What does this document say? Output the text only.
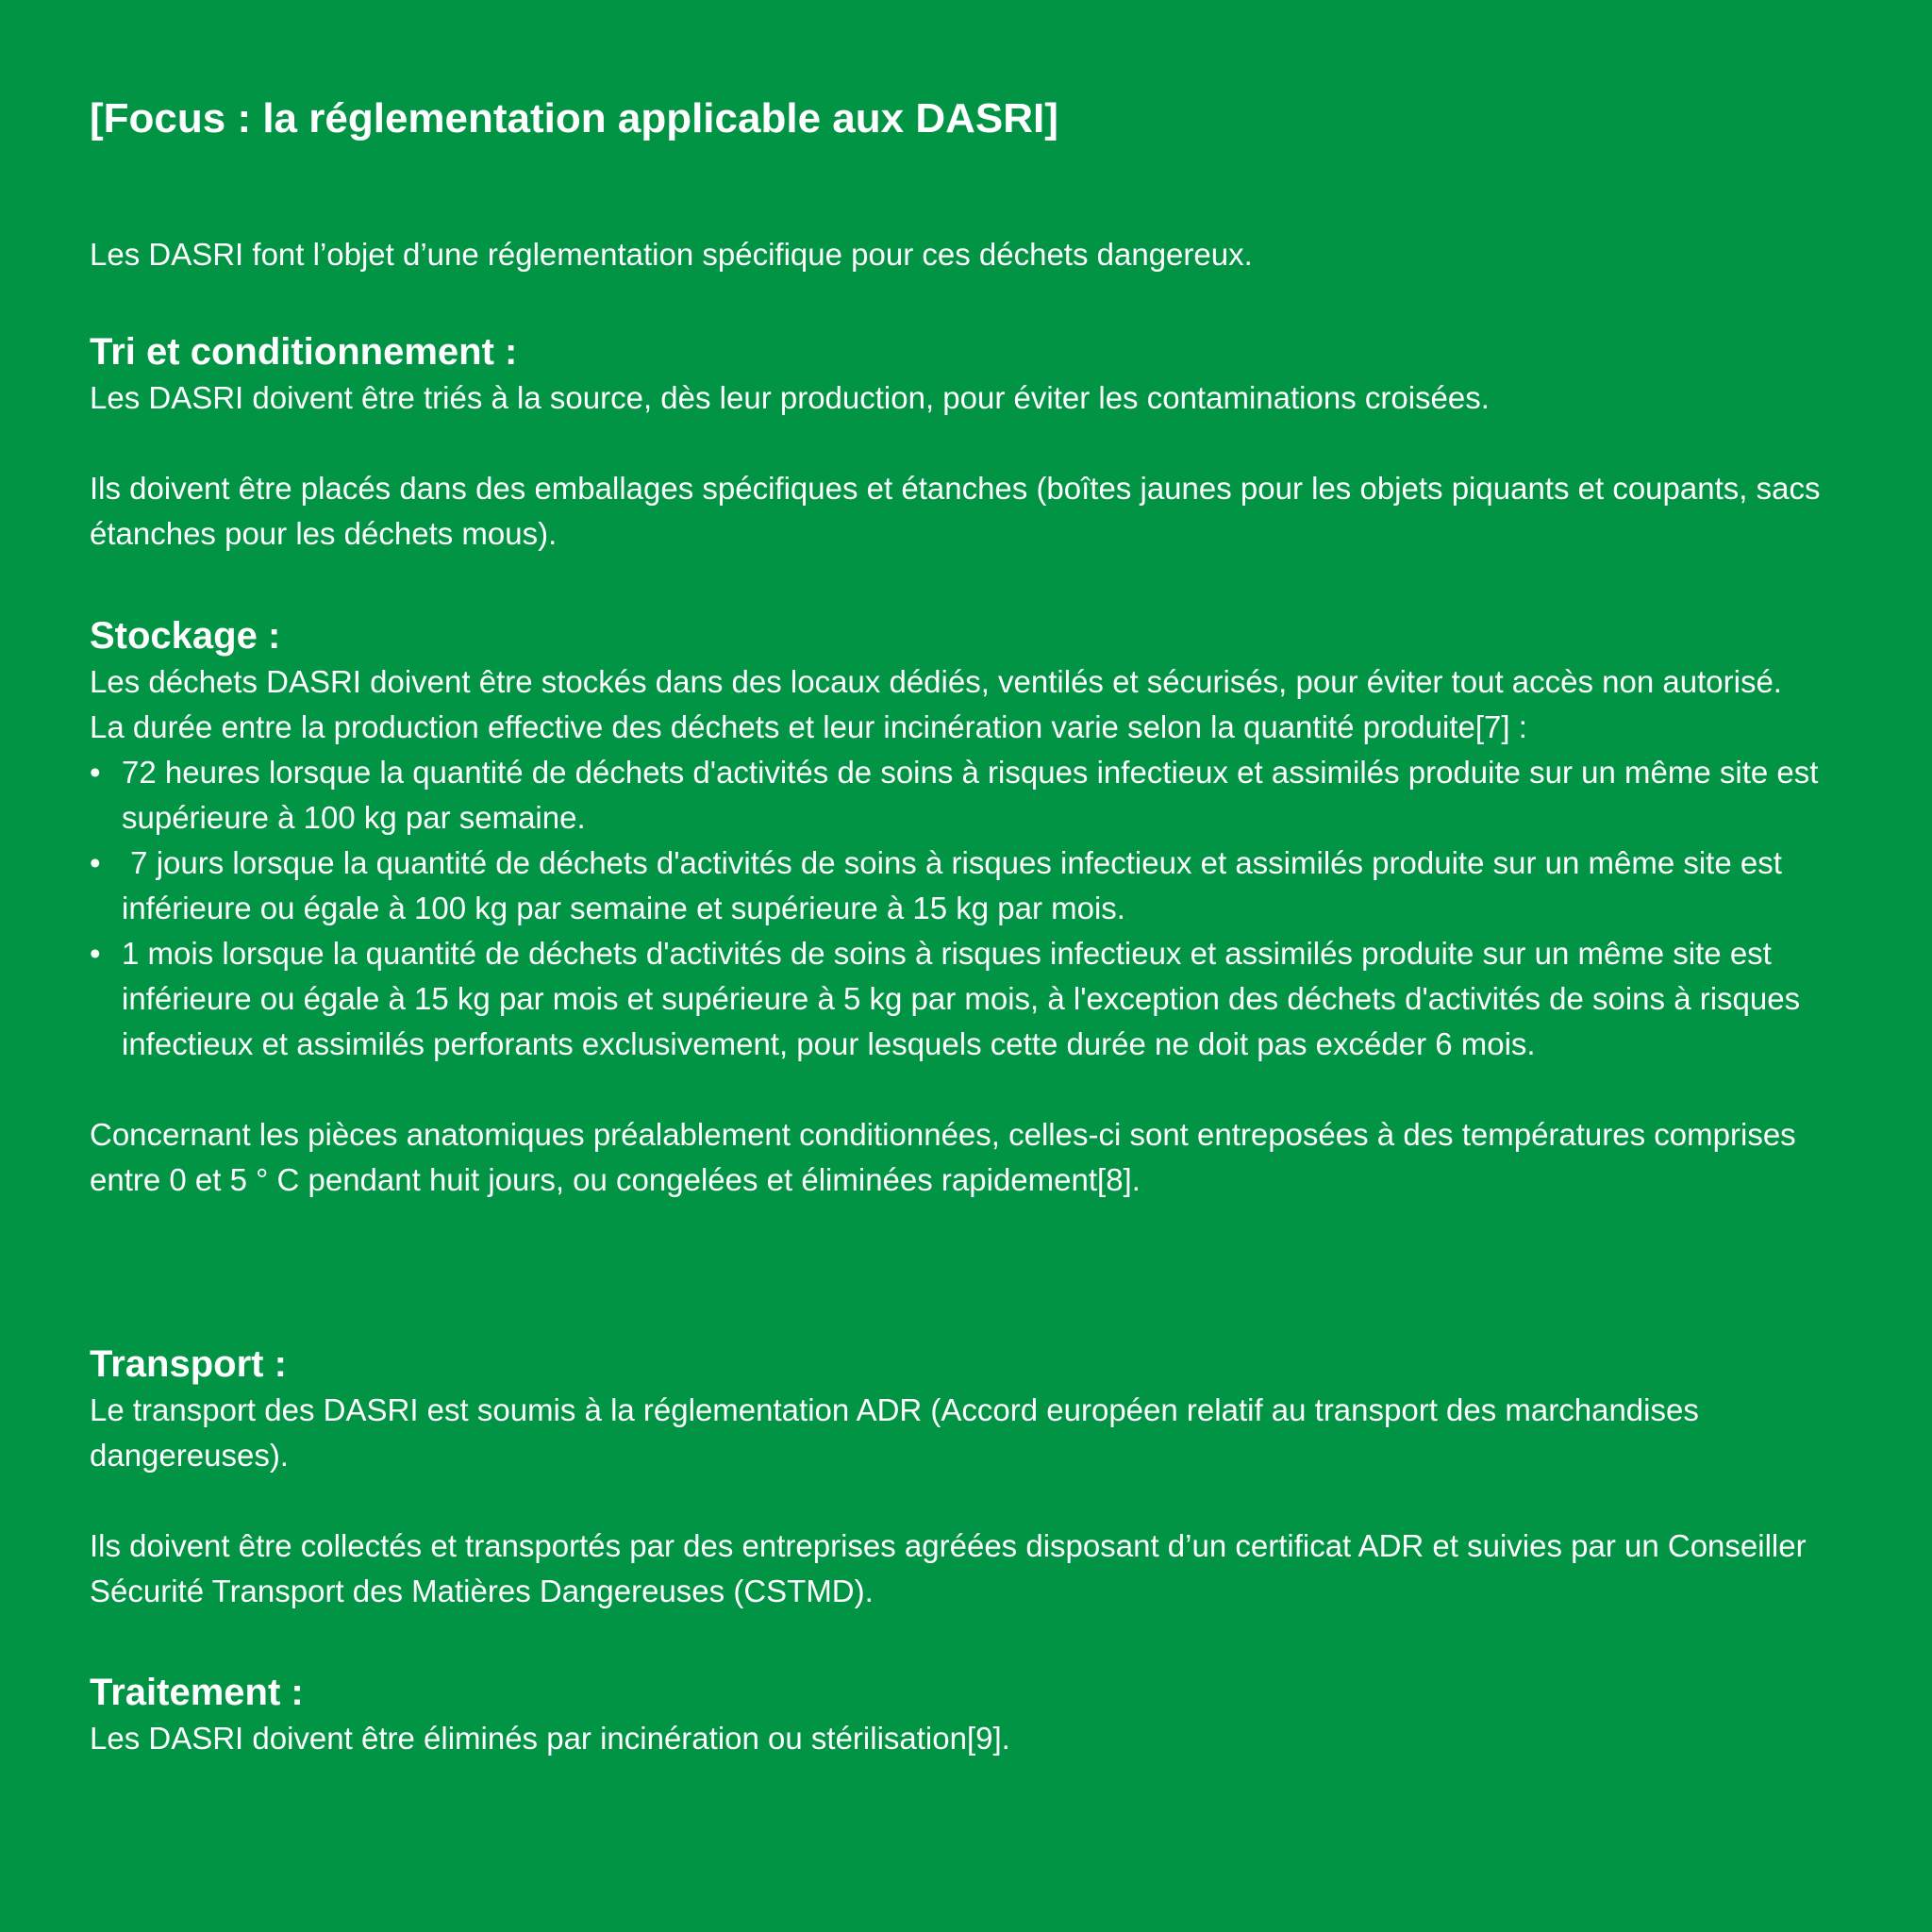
[Focus : la réglementation applicable aux DASRI]

Les DASRI font l’objet d’une réglementation spécifique pour ces déchets dangereux.

Tri et conditionnement :

Les DASRI doivent être triés à la source, dès leur production, pour éviter les contaminations croisées.

Ils doivent être placés dans des emballages spécifiques et étanches (boîtes jaunes pour les objets piquants et coupants, sacs étanches pour les déchets mous).

Stockage :

Les déchets DASRI doivent être stockés dans des locaux dédiés, ventilés et sécurisés, pour éviter tout accès non autorisé.

La durée entre la production effective des déchets et leur incinération varie selon la quantité produite[7] :

• 72 heures lorsque la quantité de déchets d'activités de soins à risques infectieux et assimilés produite sur un même site est supérieure à 100 kg par semaine.
• 7 jours lorsque la quantité de déchets d'activités de soins à risques infectieux et assimilés produite sur un même site est inférieure ou égale à 100 kg par semaine et supérieure à 15 kg par mois.
• 1 mois lorsque la quantité de déchets d'activités de soins à risques infectieux et assimilés produite sur un même site est inférieure ou égale à 15 kg par mois et supérieure à 5 kg par mois, à l'exception des déchets d'activités de soins à risques infectieux et assimilés perforants exclusivement, pour lesquels cette durée ne doit pas excéder 6 mois.

Concernant les pièces anatomiques préalablement conditionnées, celles-ci sont entreposées à des températures comprises entre 0 et 5 ° C pendant huit jours, ou congelées et éliminées rapidement[8].

Transport :

Le transport des DASRI est soumis à la réglementation ADR (Accord européen relatif au transport des marchandises dangereuses).

Ils doivent être collectés et transportés par des entreprises agréées disposant d’un certificat ADR et suivies par un Conseiller Sécurité Transport des Matières Dangereuses (CSTMD).

Traitement :

Les DASRI doivent être éliminés par incinération ou stérilisation[9].
